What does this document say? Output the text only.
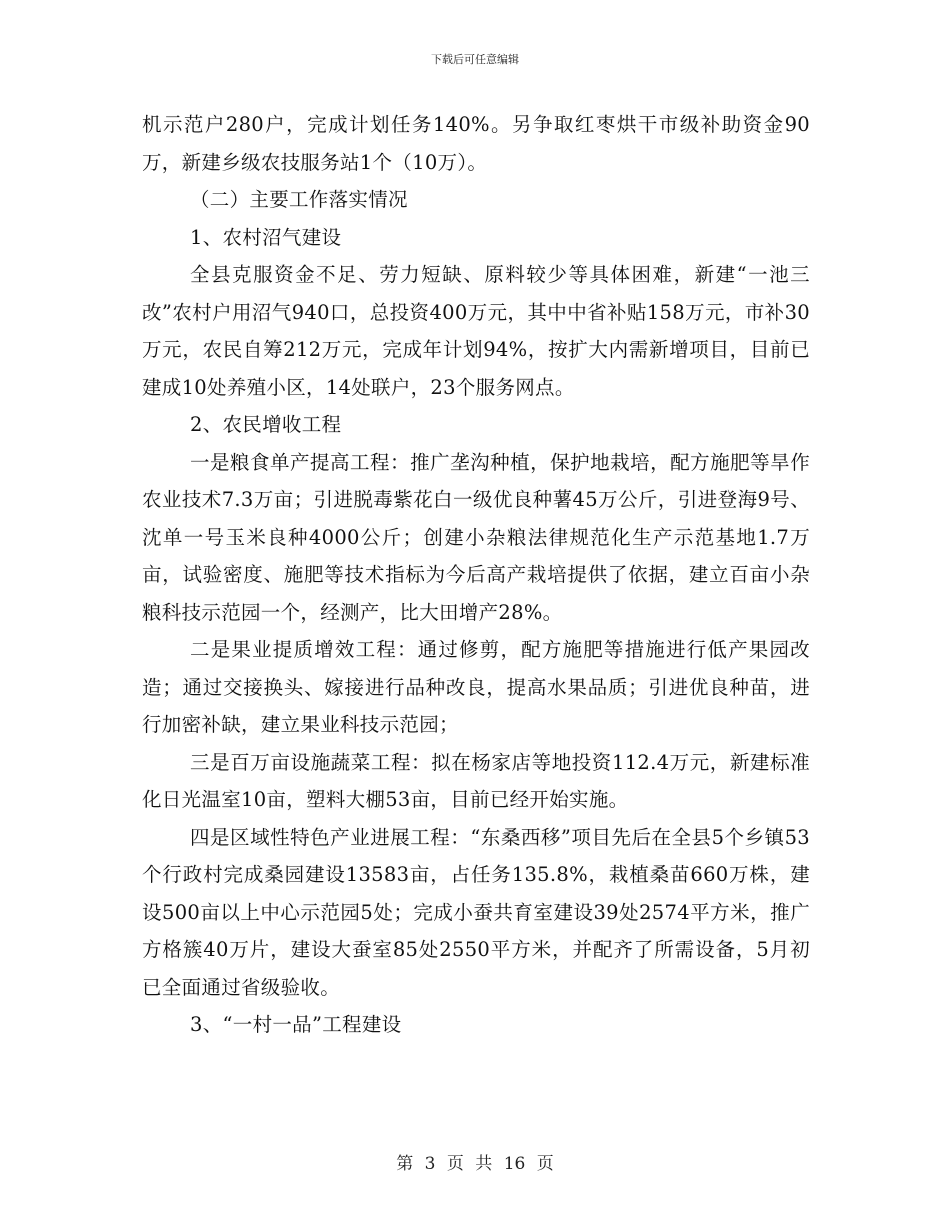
下载后可任意编辑

机示范户280户，完成计划任务140%。另争取红枣烘干市级补助资金90万，新建乡级农技服务站1个（10万）。

（二）主要工作落实情况

1、农村沼气建设

全县克服资金不足、劳力短缺、原料较少等具体困难，新建“一池三改”农村户用沼气940口，总投资400万元，其中中省补贴158万元，市补30万元，农民自筹212万元，完成年计划94%，按扩大内需新增项目，目前已建成10处养殖小区，14处联户，23个服务网点。

2、农民增收工程

一是粮食单产提高工程：推广垄沟种植，保护地栽培，配方施肥等旱作农业技术7.3万亩；引进脱毒紫花白一级优良种薯45万公斤，引进登海9号、沈单一号玉米良种4000公斤；创建小杂粮法律规范化生产示范基地1.7万亩，试验密度、施肥等技术指标为今后高产栽培提供了依据，建立百亩小杂粮科技示范园一个，经测产，比大田增产28%。

二是果业提质增效工程：通过修剪，配方施肥等措施进行低产果园改造；通过交接换头、嫁接进行品种改良，提高水果品质；引进优良种苗，进行加密补缺，建立果业科技示范园；

三是百万亩设施蔬菜工程：拟在杨家店等地投资112.4万元，新建标准化日光温室10亩，塑料大棚53亩，目前已经开始实施。

四是区域性特色产业进展工程：“东桑西移”项目先后在全县5个乡镇53个行政村完成桑园建设13583亩，占任务135.8%，栽植桑苗660万株，建设500亩以上中心示范园5处；完成小蚕共育室建设39处2574平方米，推广方格簇40万片，建设大蚕室85处2550平方米，并配齐了所需设备，5月初已全面通过省级验收。

3、“一村一品”工程建设

第 3 页 共 16 页
